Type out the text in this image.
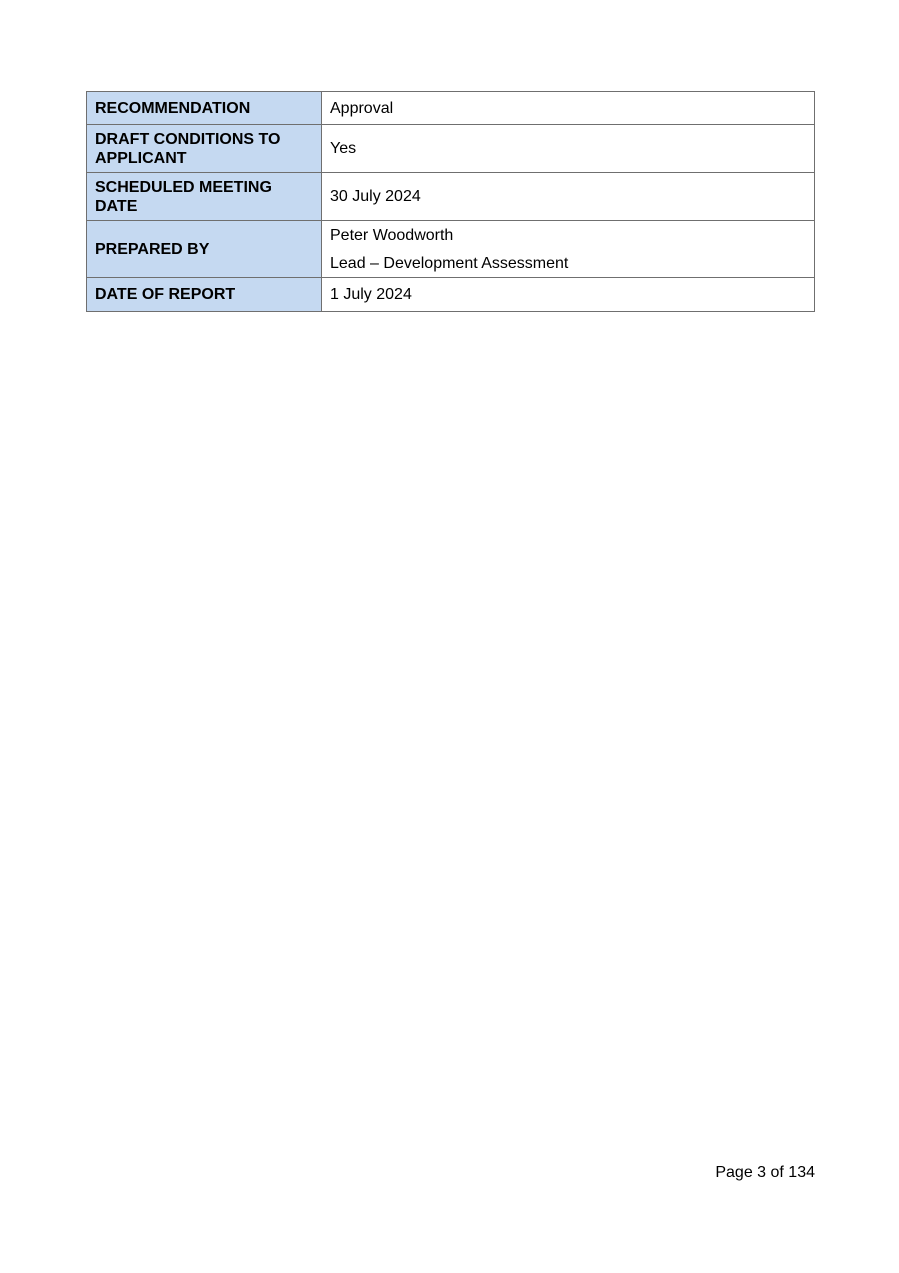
RECOMMENDATION	Approval
DRAFT CONDITIONS TO APPLICANT	Yes
SCHEDULED MEETING DATE	30 July 2024
PREPARED BY	Peter Woodworth
Lead – Development Assessment

DATE OF REPORT	1 July 2024
Page 3 of 134
